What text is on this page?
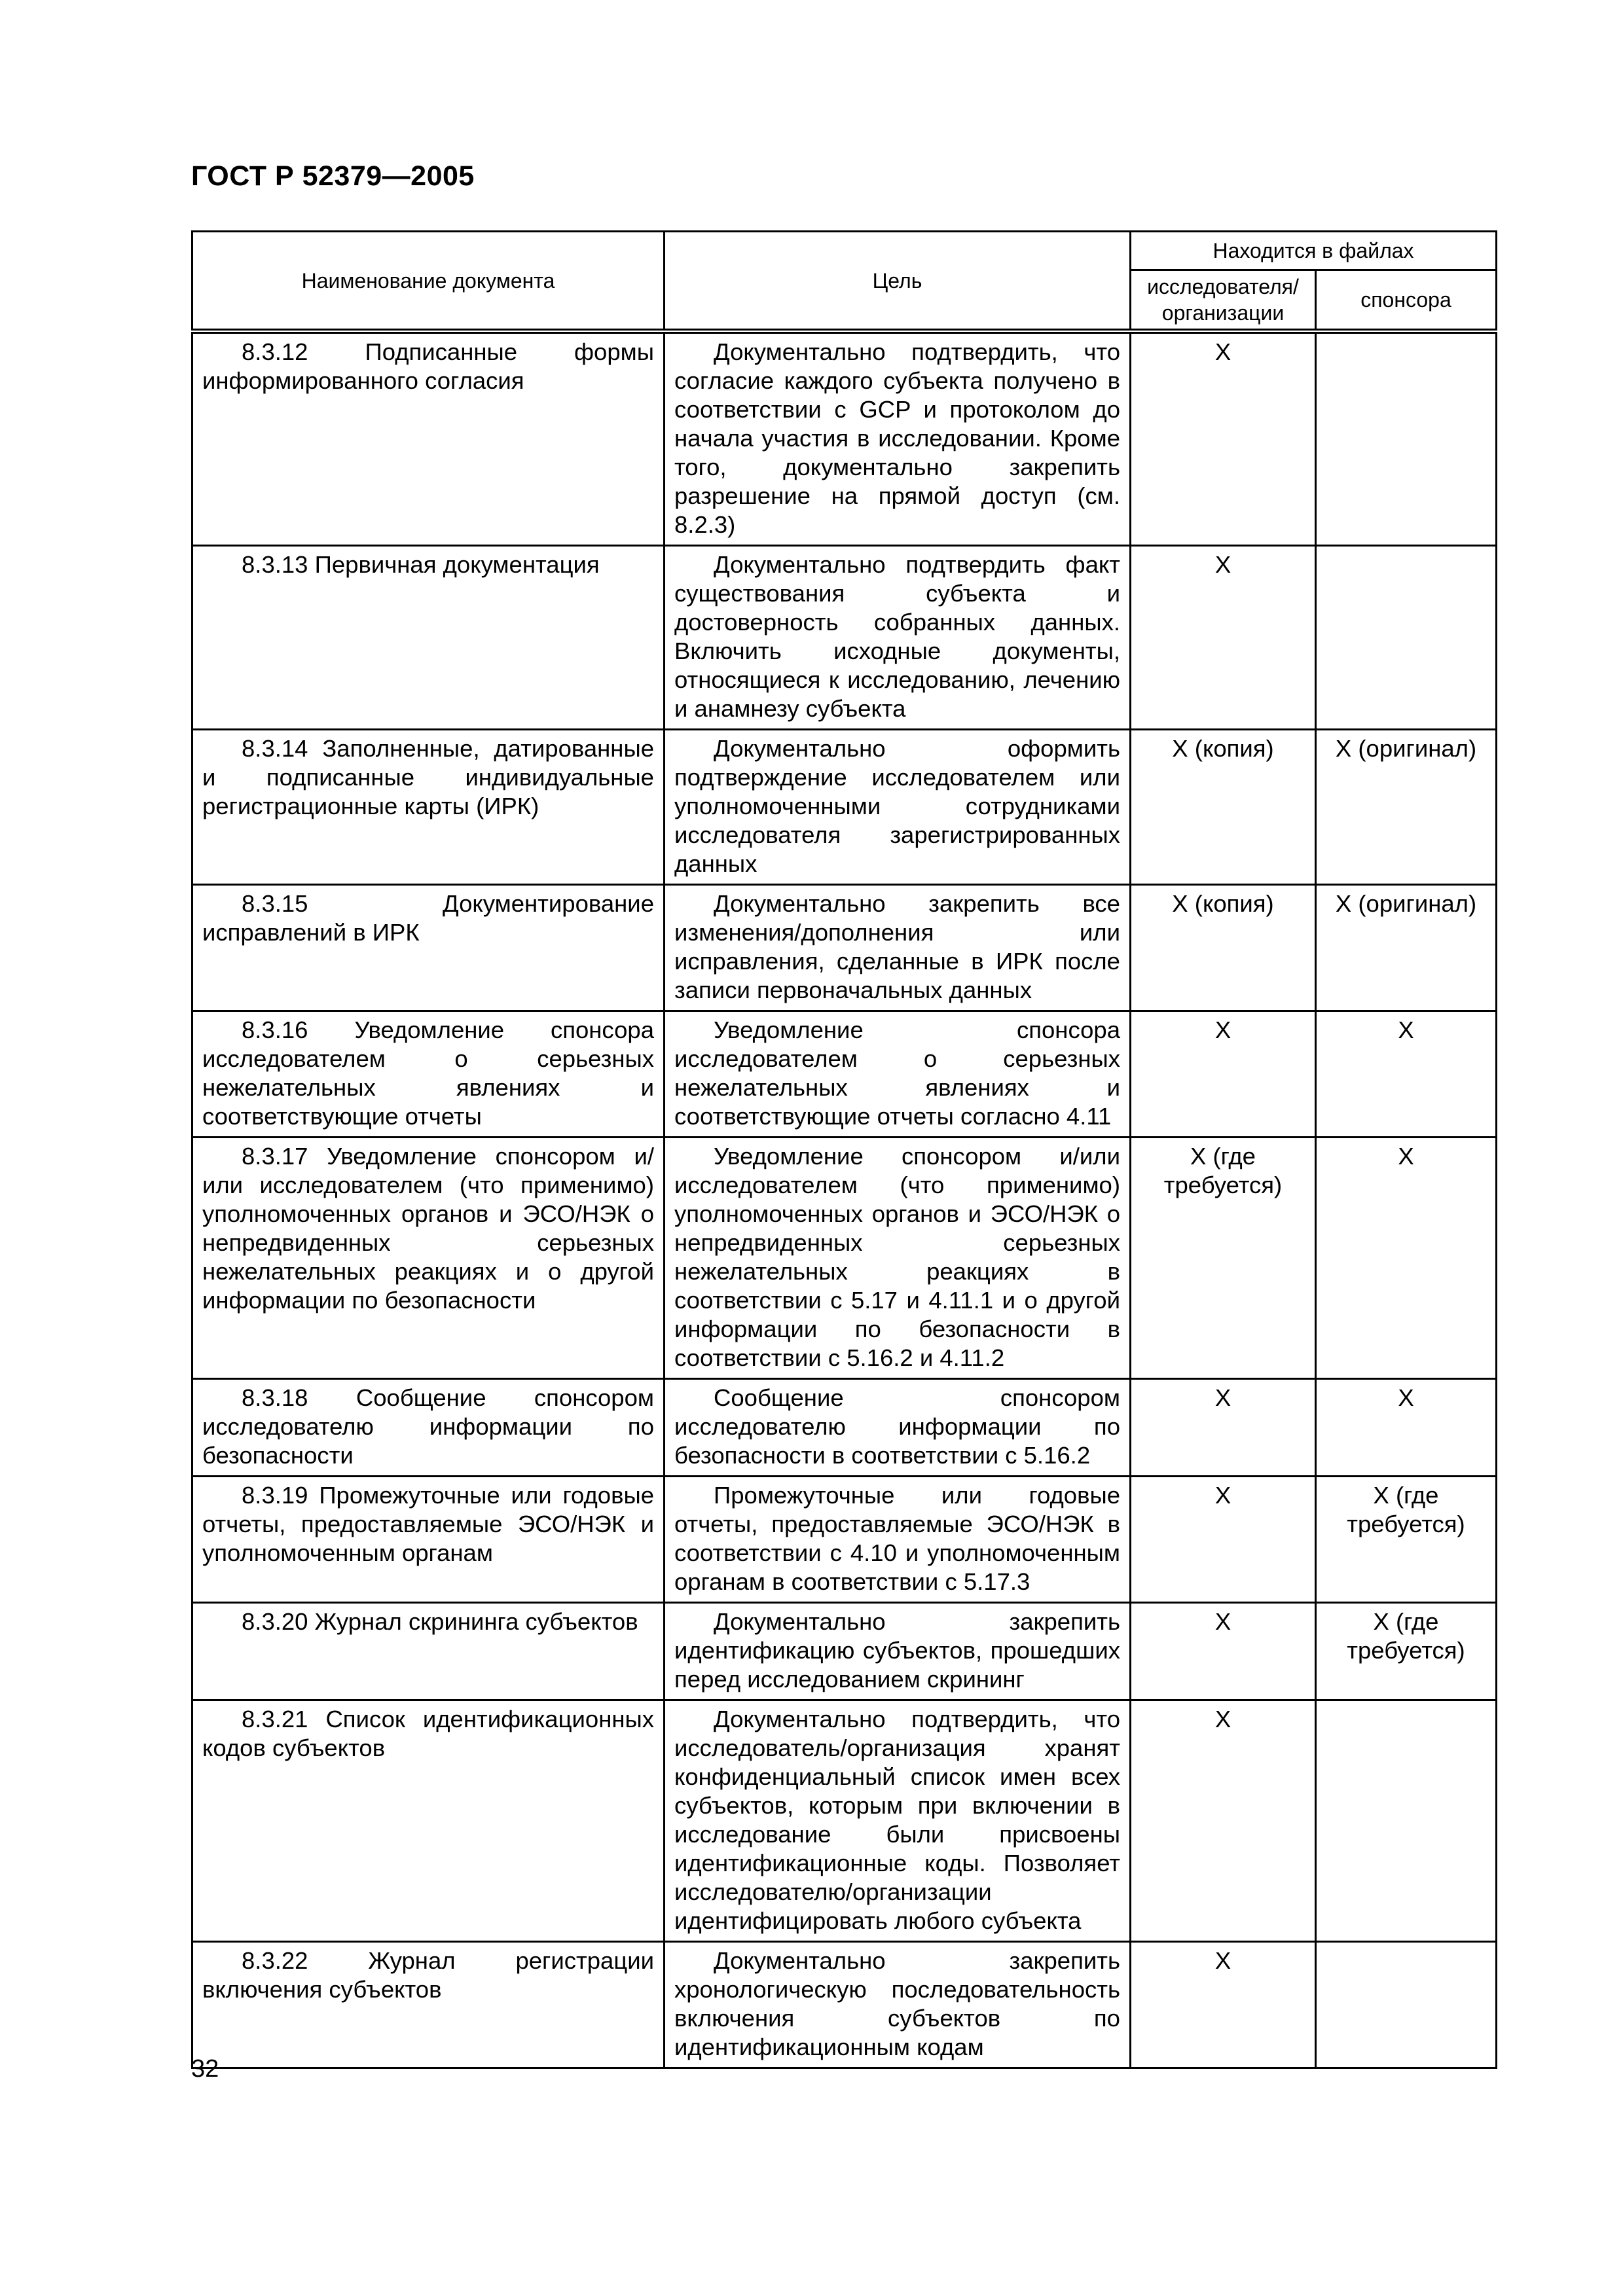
ГОСТ Р 52379—2005
Наименование документа	Цель	Находится в файлах	
		исследователя/ организации	спонсора
8.3.12 Подписанные формы информированного согласия	Документально подтвердить, что согласие каждого субъекта получено в соответствии с GCP и протоколом до начала участия в исследовании. Кроме того, документально закрепить разрешение на прямой доступ (см. 8.2.3)	X	
8.3.13 Первичная документация	Документально подтвердить факт существования субъекта и достоверность собранных данных. Включить исходные документы, относящиеся к исследованию, лечению и анамнезу субъекта	X	
8.3.14 Заполненные, датированные и подписанные индивидуальные регистрационные карты (ИРК)	Документально оформить подтверждение исследователем или уполномоченными сотрудниками исследователя зарегистрированных данных	X (копия)	X (оригинал)
8.3.15 Документирование исправлений в ИРК	Документально закрепить все изменения/дополнения или исправления, сделанные в ИРК после записи первоначальных данных	X (копия)	X (оригинал)
8.3.16 Уведомление спонсора исследователем о серьезных нежелательных явлениях и соответствующие отчеты	Уведомление спонсора исследователем о серьезных нежелательных явлениях и соответствующие отчеты согласно 4.11	X	X
8.3.17 Уведомление спонсором и/или исследователем (что применимо) уполномоченных органов и ЭСО/НЭК о непредвиденных серьезных нежелательных реакциях и о другой информации по безопасности	Уведомление спонсором и/или исследователем (что применимо) уполномоченных органов и ЭСО/НЭК о непредвиденных серьезных нежелательных реакциях в соответствии с 5.17 и 4.11.1 и о другой информации по безопасности в соответствии с 5.16.2 и 4.11.2	X (где требуется)	X
8.3.18 Сообщение спонсором исследователю информации по безопасности	Сообщение спонсором исследователю информации по безопасности в соответствии с 5.16.2	X	X
8.3.19 Промежуточные или годовые отчеты, предоставляемые ЭСО/НЭК и уполномоченным органам	Промежуточные или годовые отчеты, предоставляемые ЭСО/НЭК в соответствии с 4.10 и уполномоченным органам в соответствии с 5.17.3	X	X (где требуется)
8.3.20 Журнал скрининга субъектов	Документально закрепить идентификацию субъектов, прошедших перед исследованием скрининг	X	X (где требуется)
8.3.21 Список идентификационных кодов субъектов	Документально подтвердить, что исследователь/организация хранят конфиденциальный список имен всех субъектов, которым при включении в исследование были присвоены идентификационные коды. Позволяет исследователю/организации идентифицировать любого субъекта	X	
8.3.22 Журнал регистрации включения субъектов	Документально закрепить хронологическую последовательность включения субъектов по идентификационным кодам	X	
32
